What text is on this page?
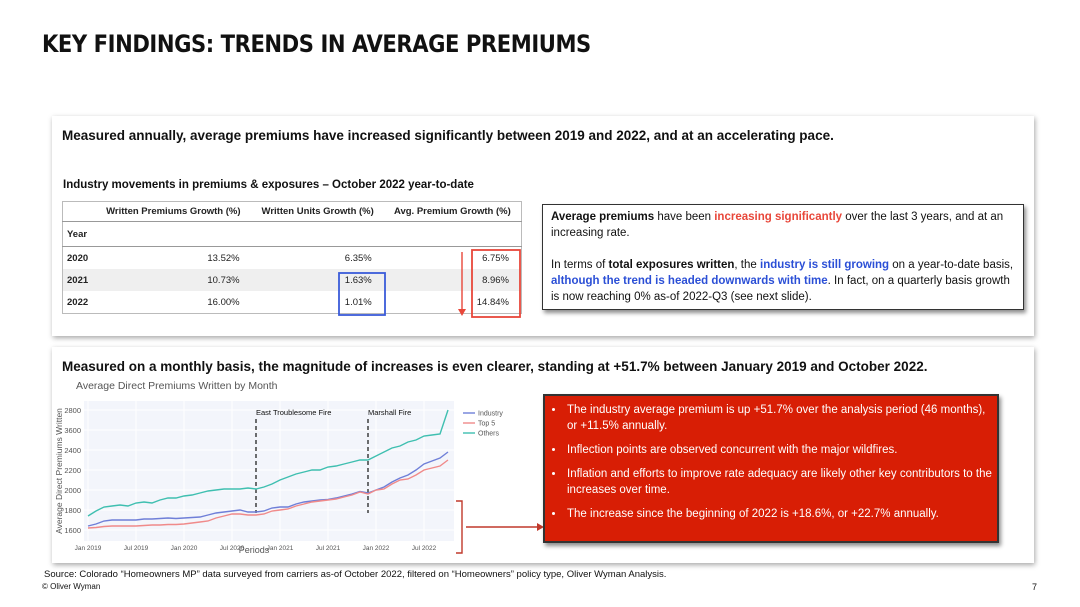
KEY FINDINGS: TRENDS IN AVERAGE PREMIUMS
Measured annually, average premiums have increased significantly between 2019 and 2022, and at an accelerating pace.
Industry movements in premiums & exposures – October 2022 year-to-date
	Written Premiums Growth (%)	Written Units Growth (%)	Avg. Premium Growth (%)
Year			
2020	13.52%	6.35%	6.75%
2021	10.73%	1.63%	8.96%
2022	16.00%	1.01%	14.84%

Average premiums have been increasing significantly over the last 3 years, and at an increasing rate.

In terms of total exposures written, the industry is still growing on a year-to-date basis, although the trend is headed downwards with time. In fact, on a quarterly basis growth is now reaching 0% as-of 2022-Q3 (see next slide).

Measured on a monthly basis, the magnitude of increases is even clearer, standing at +51.7% between January 2019 and October 2022.
Average Direct Premiums Written by Month
2800
3600
2400
2200
2000
1800
1600
Jan 2019	Jul 2019	Jan 2020	Jul 2020	Jan 2021	Jul 2021	Jan 2022	Jul 2022
East Troublesome Fire	Marshall Fire	Industry
Top 5
Others
Periods
Average Direct Premiums Written	• The industry average premium is up +51.7% over the analysis period (46 months), or +11.5% annually.
• Inflection points are observed concurrent with the major wildfires.
• Inflation and efforts to improve rate adequacy are likely other key contributors to the increases over time.
• The increase since the beginning of 2022 is +18.6%, or +22.7% annually.
Source: Colorado “Homeowners MP” data surveyed from carriers as-of October 2022, filtered on “Homeowners” policy type, Oliver Wyman Analysis.
© Oliver Wyman	7
